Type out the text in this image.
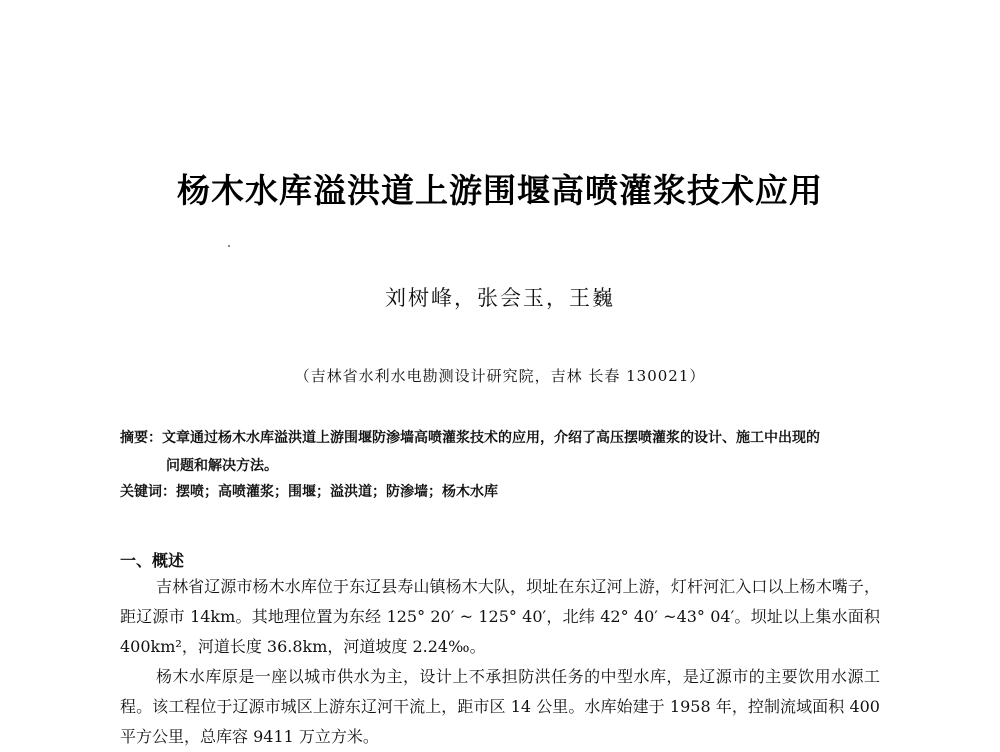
杨木水库溢洪道上游围堰高喷灌浆技术应用
刘树峰，张会玉，王巍
（吉林省水利水电勘测设计研究院，吉林 长春 130021）
摘要：文章通过杨木水库溢洪道上游围堰防渗墙高喷灌浆技术的应用，介绍了高压摆喷灌浆的设计、施工中出现的
问题和解决方法。
关键词：摆喷；高喷灌浆；围堰；溢洪道；防渗墙；杨木水库
一、概述

吉林省辽源市杨木水库位于东辽县寿山镇杨木大队，坝址在东辽河上游，灯杆河汇入口以上杨木嘴子，距辽源市 14km。其地理位置为东经 125° 20′ ~ 125° 40′，北纬 42° 40′ ~43° 04′。坝址以上集水面积 400km²，河道长度 36.8km，河道坡度 2.24‰。

杨木水库原是一座以城市供水为主，设计上不承担防洪任务的中型水库，是辽源市的主要饮用水源工程。该工程位于辽源市城区上游东辽河干流上，距市区 14 公里。水库始建于 1958 年，控制流域面积 400 平方公里，总库容 9411 万立方米。
